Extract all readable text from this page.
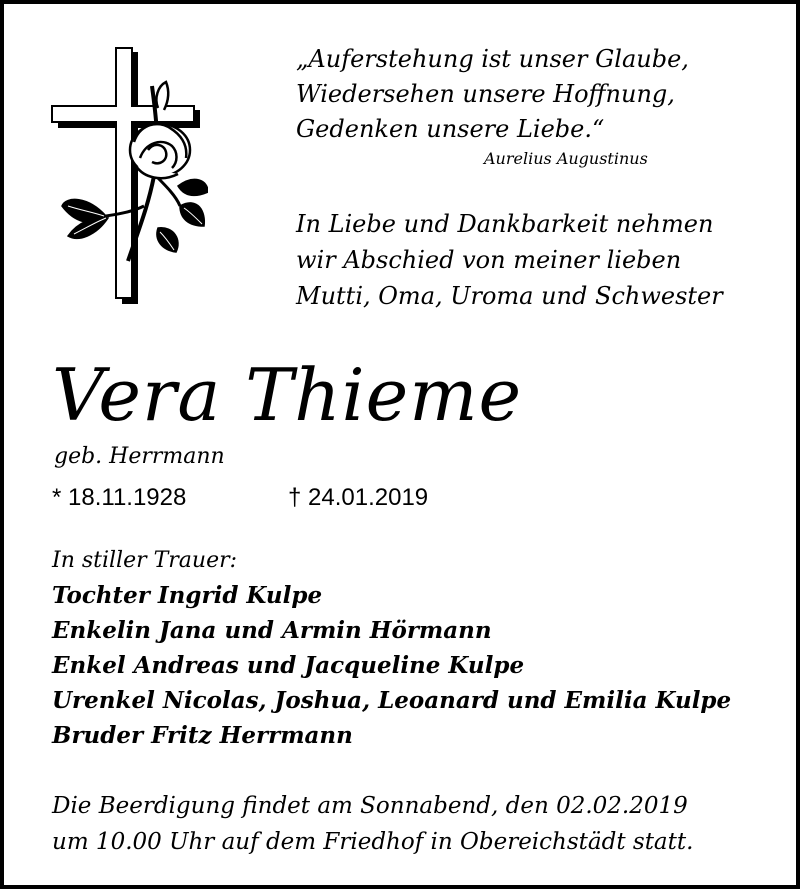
„Auferstehung ist unser Glaube,
Wiedersehen unsere Hoffnung,
Gedenken unsere Liebe.“
Aurelius Augustinus
In Liebe und Dankbarkeit nehmen
wir Abschied von meiner lieben
Mutti, Oma, Uroma und Schwester
Vera Thieme
geb. Herrmann
* 18.11.1928	† 24.01.2019
In stiller Trauer:
Tochter Ingrid Kulpe
Enkelin Jana und Armin Hörmann
Enkel Andreas und Jacqueline Kulpe
Urenkel Nicolas, Joshua, Leoanard und Emilia Kulpe
Bruder Fritz Herrmann
Die Beerdigung findet am Sonnabend, den 02.02.2019
um 10.00 Uhr auf dem Friedhof in Obereichstädt statt.
